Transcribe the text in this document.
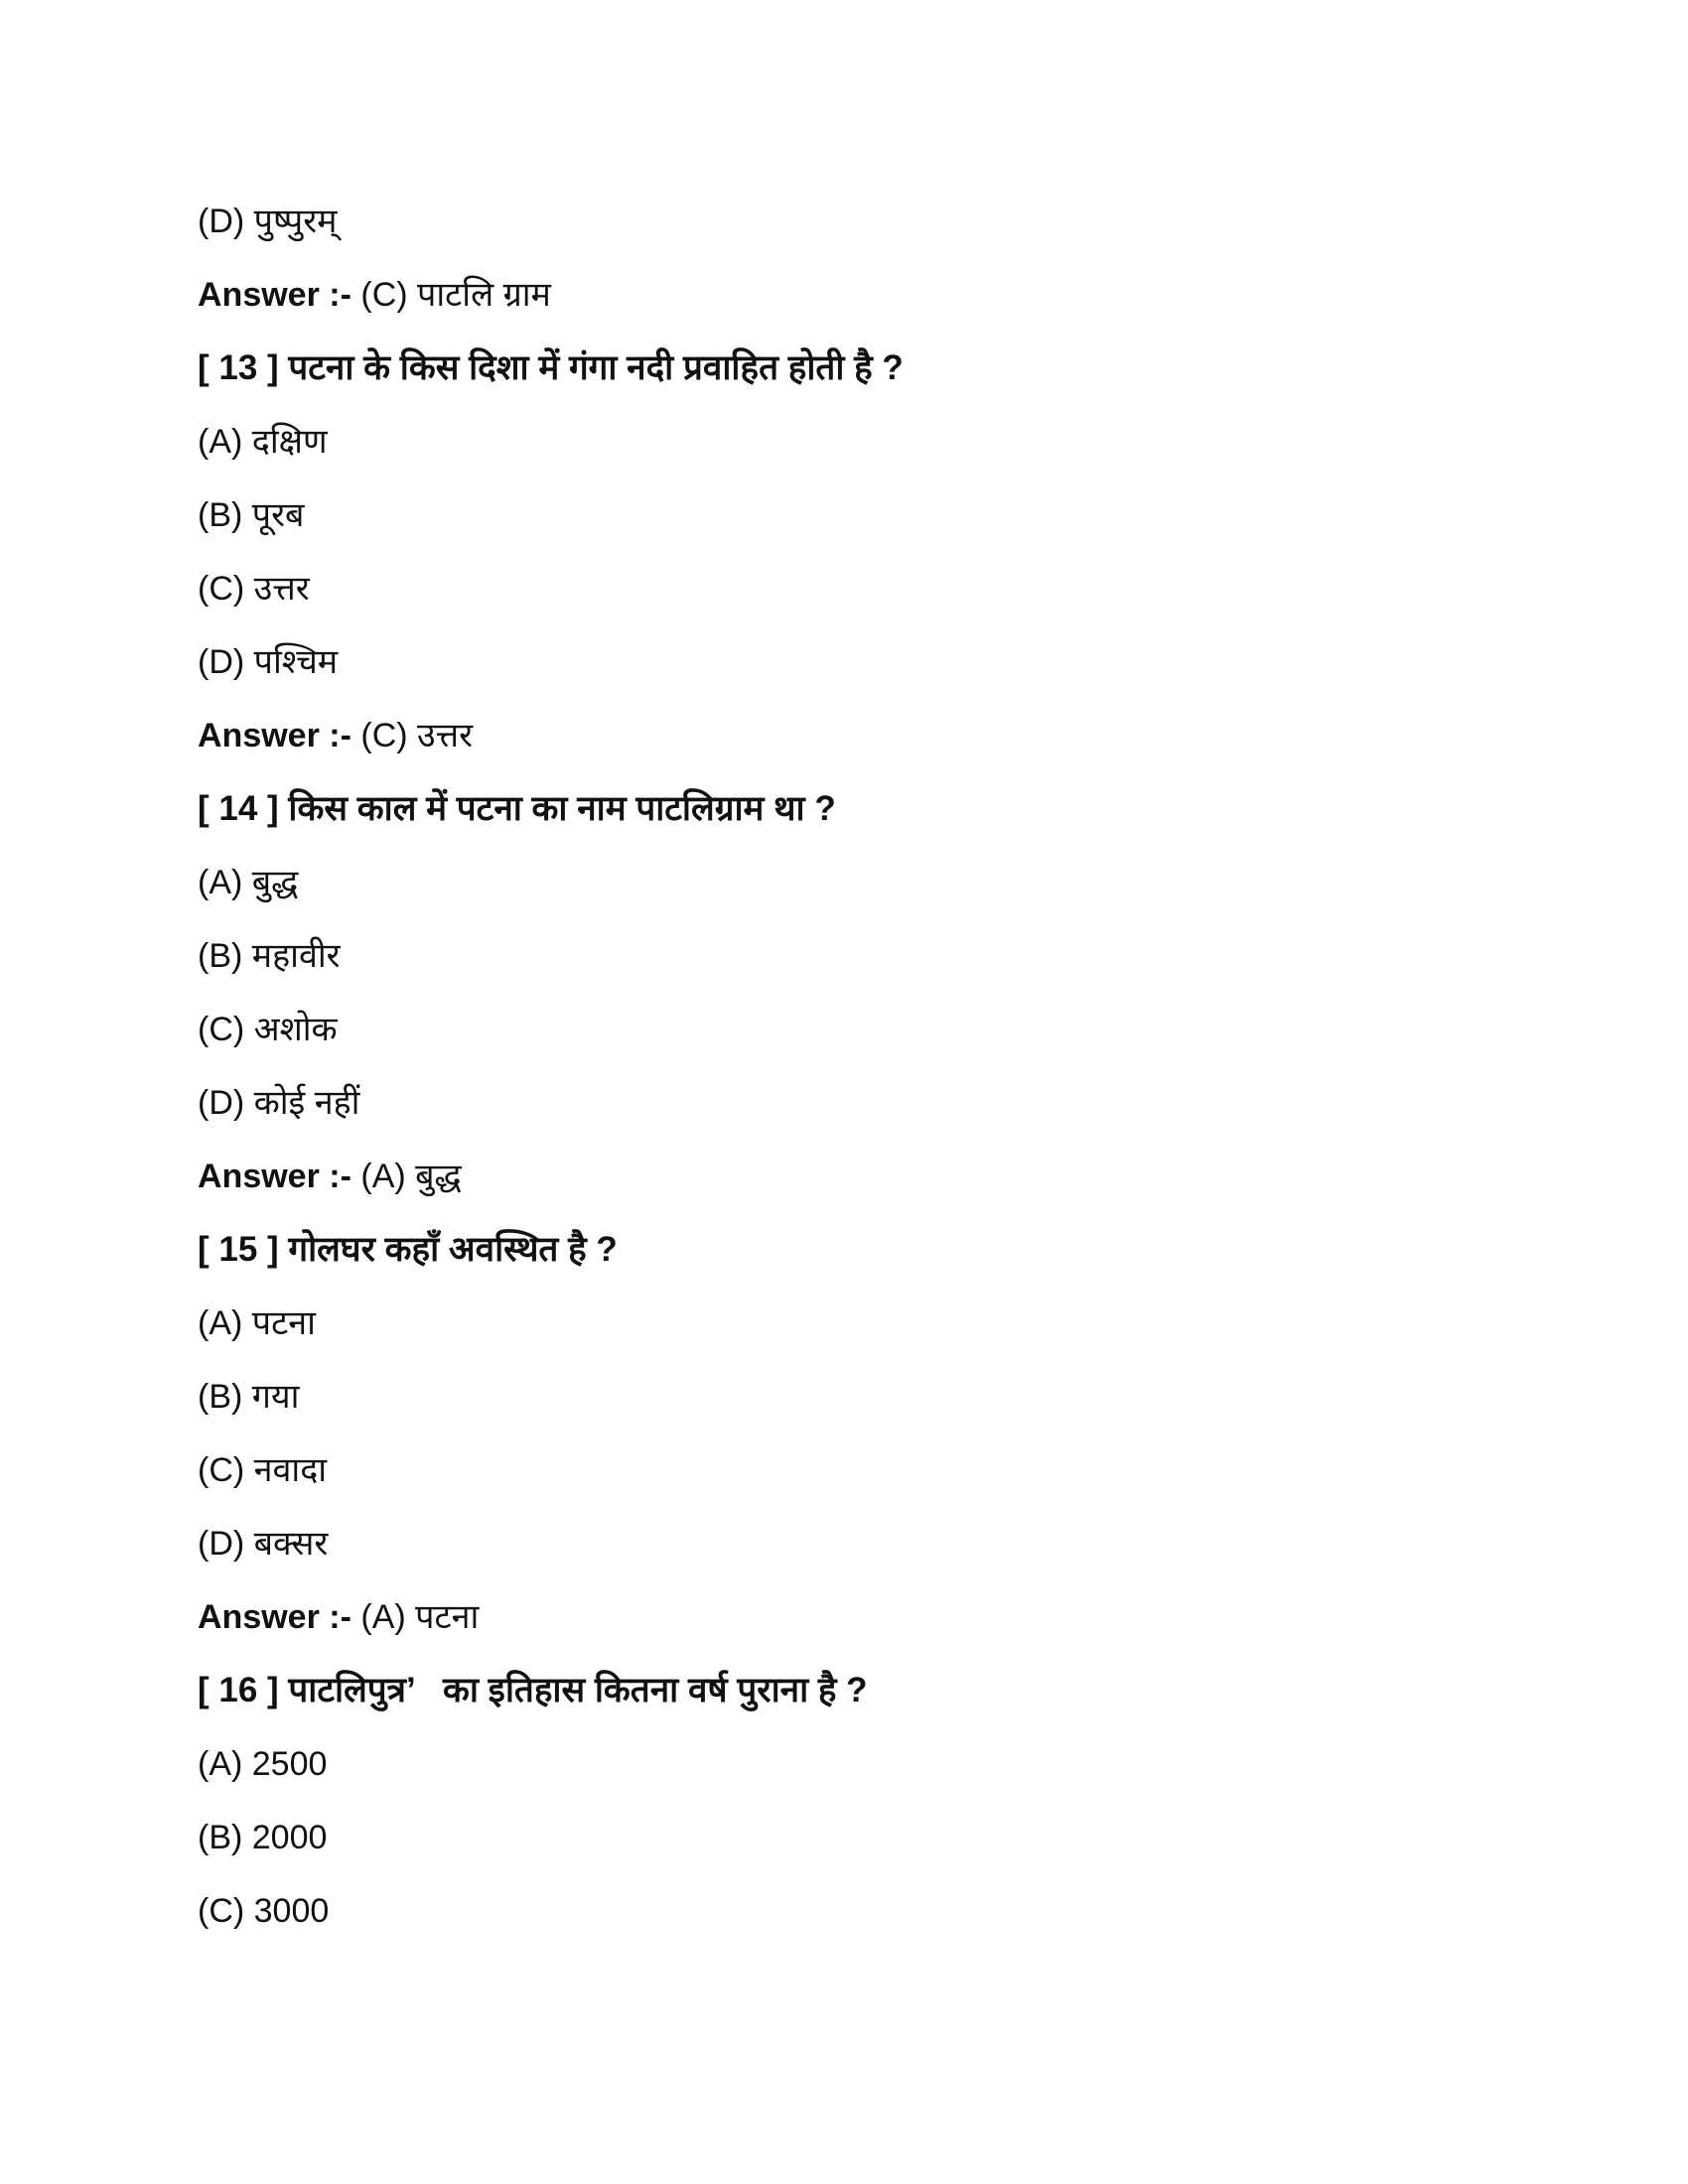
(D) पुष्पुरम्
Answer :- (C) पाटलि ग्राम
[ 13 ] पटना के किस दिशा में गंगा नदी प्रवाहित होती है ?
(A) दक्षिण
(B) पूरब
(C) उत्तर
(D) पश्चिम
Answer :- (C) उत्तर
[ 14 ] किस काल में पटना का नाम पाटलिग्राम था ?
(A) बुद्ध
(B) महावीर
(C) अशोक
(D) कोई नहीं
Answer :- (A) बुद्ध
[ 15 ] गोलघर कहाँ अवस्थित है ?
(A) पटना
(B) गया
(C) नवादा
(D) बक्सर
Answer :- (A) पटना
[ 16 ] पाटलिपुत्र’   का इतिहास कितना वर्ष पुराना है ?
(A) 2500
(B) 2000
(C) 3000
